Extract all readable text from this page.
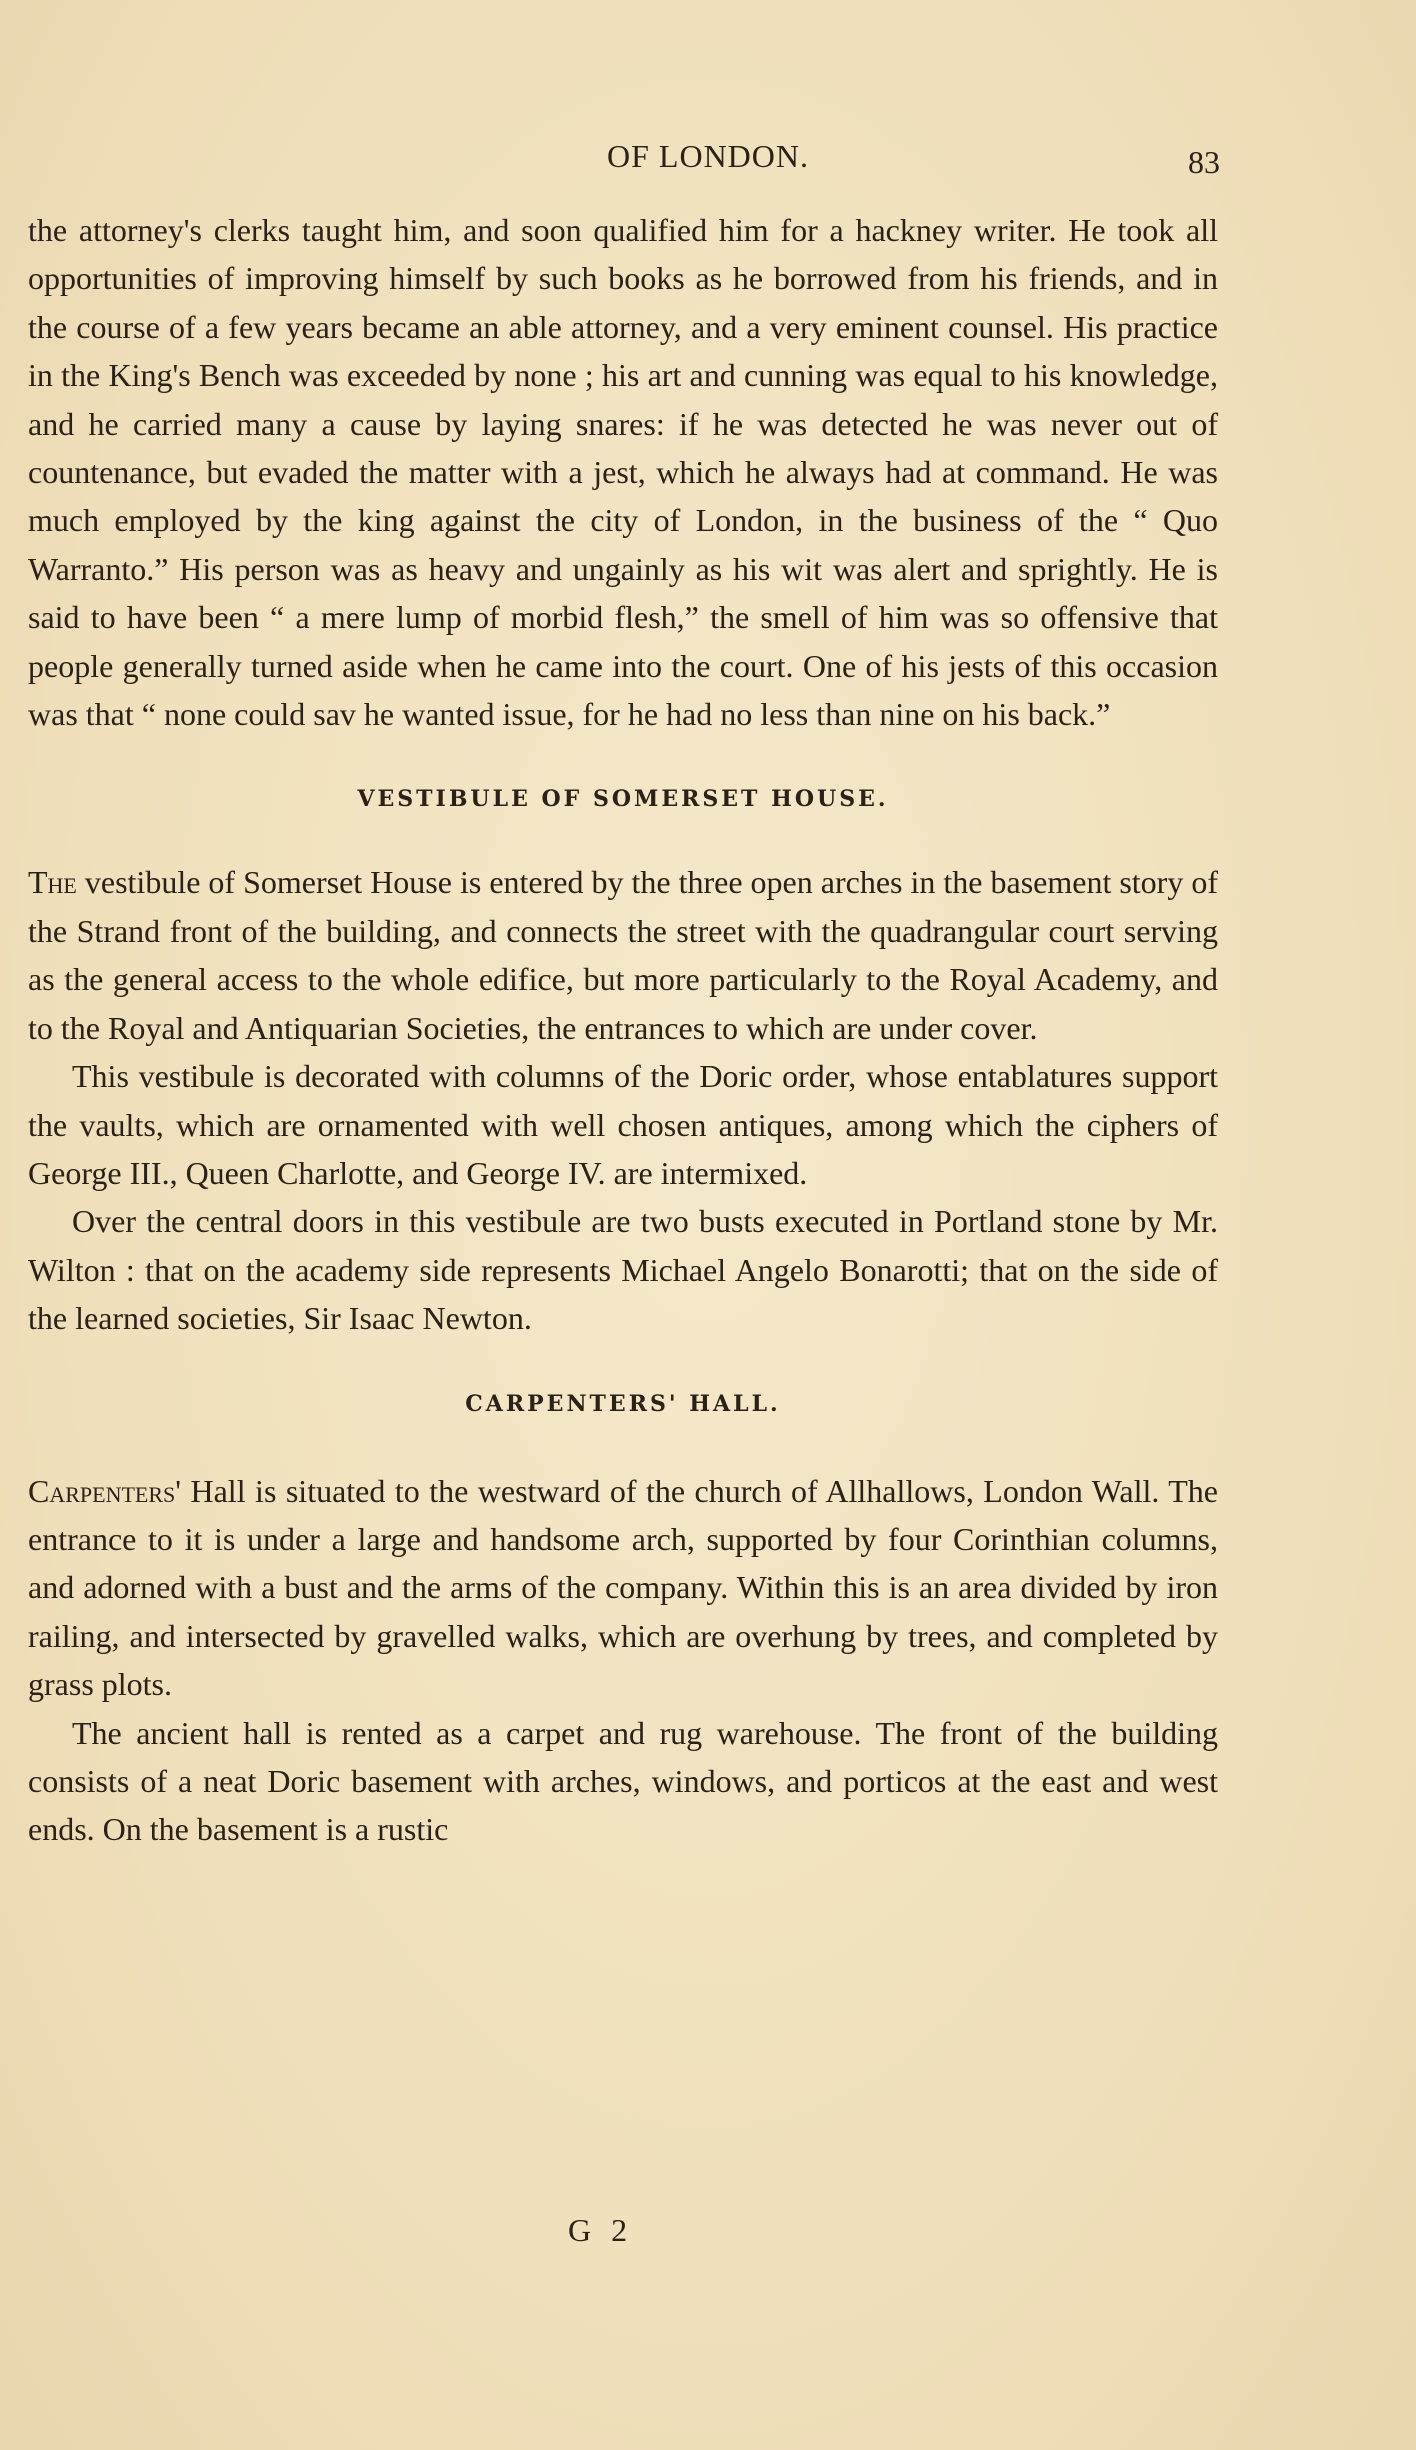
OF LONDON.	83

the attorney's clerks taught him, and soon qualified him for a hackney writer. He took all opportunities of improving himself by such books as he borrowed from his friends, and in the course of a few years became an able attorney, and a very eminent counsel. His practice in the King's Bench was exceeded by none ; his art and cunning was equal to his knowledge, and he carried many a cause by laying snares: if he was detected he was never out of countenance, but evaded the matter with a jest, which he always had at command. He was much employed by the king against the city of London, in the business of the “ Quo Warranto.” His person was as heavy and ungainly as his wit was alert and sprightly. He is said to have been “ a mere lump of morbid flesh,” the smell of him was so offensive that people generally turned aside when he came into the court. One of his jests of this occasion was that “ none could sav he wanted issue, for he had no less than nine on his back.”

VESTIBULE OF SOMERSET HOUSE.

The vestibule of Somerset House is entered by the three open arches in the basement story of the Strand front of the building, and connects the street with the quadrangular court serving as the general access to the whole edifice, but more particularly to the Royal Academy, and to the Royal and Antiquarian Societies, the entrances to which are under cover.

This vestibule is decorated with columns of the Doric order, whose entablatures support the vaults, which are ornamented with well chosen antiques, among which the ciphers of George III., Queen Charlotte, and George IV. are intermixed.

Over the central doors in this vestibule are two busts executed in Portland stone by Mr. Wilton : that on the academy side represents Michael Angelo Bonarotti; that on the side of the learned societies, Sir Isaac Newton.

CARPENTERS' HALL.

Carpenters' Hall is situated to the westward of the church of Allhallows, London Wall. The entrance to it is under a large and handsome arch, supported by four Corinthian columns, and adorned with a bust and the arms of the company. Within this is an area divided by iron railing, and intersected by gravelled walks, which are overhung by trees, and completed by grass plots.

The ancient hall is rented as a carpet and rug warehouse. The front of the building consists of a neat Doric basement with arches, windows, and porticos at the east and west ends. On the basement is a rustic

G 2
